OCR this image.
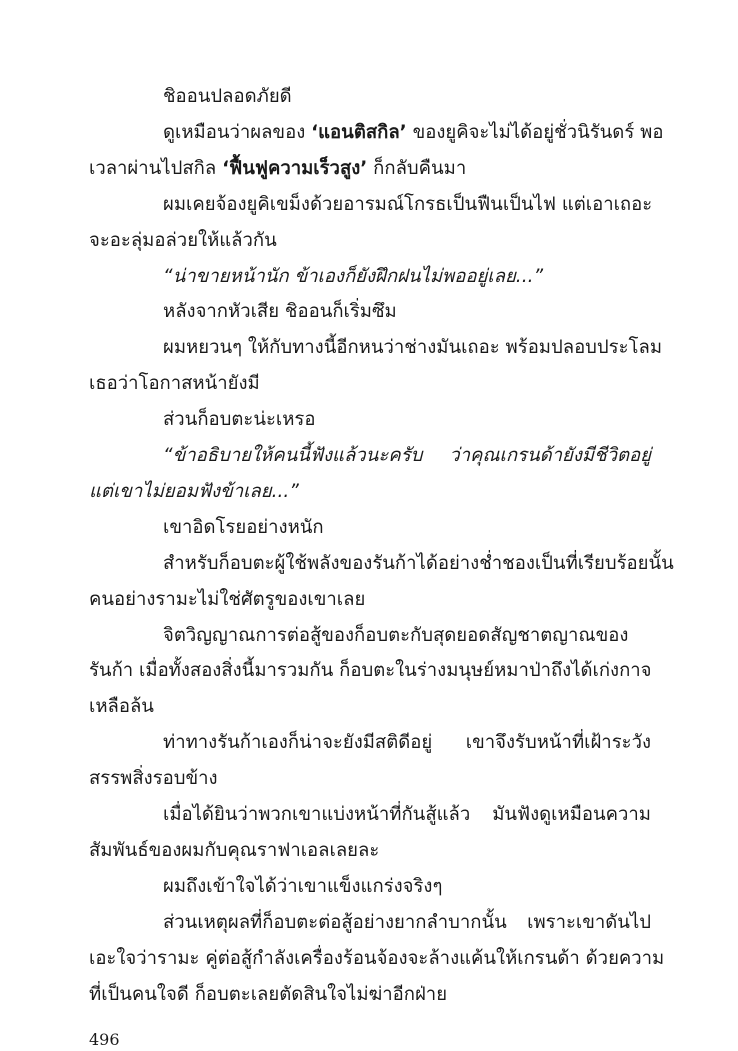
ชิออนปลอดภัยดี
ดูเหมือนว่าผลของ ‘แอนติสกิล’ ของยูคิจะไม่ได้อยู่ชั่วนิรันดร์ พอ
เวลาผ่านไปสกิล ‘ฟื้นฟูความเร็วสูง’ ก็กลับคืนมา
ผมเคยจ้องยูคิเขม็งด้วยอารมณ์โกรธเป็นฟืนเป็นไฟ แต่เอาเถอะ
จะอะลุ่มอล่วยให้แล้วกัน
“น่าขายหน้านัก ข้าเองก็ยังฝึกฝนไม่พออยู่เลย...”
หลังจากหัวเสีย ชิออนก็เริ่มซึม
ผมหยวนๆ ให้กับทางนี้อีกหนว่าช่างมันเถอะ พร้อมปลอบประโลม
เธอว่าโอกาสหน้ายังมี
ส่วนก็อบตะน่ะเหรอ
“ข้าอธิบายให้คนนี้ฟังแล้วนะครับ ว่าคุณเกรนด้ายังมีชีวิตอยู่
แต่เขาไม่ยอมฟังข้าเลย...”
เขาอิดโรยอย่างหนัก
สำหรับก็อบตะผู้ใช้พลังของรันก้าได้อย่างช่ำชองเป็นที่เรียบร้อยนั้น
คนอย่างรามะไม่ใช่ศัตรูของเขาเลย
จิตวิญญาณการต่อสู้ของก็อบตะกับสุดยอดสัญชาตญาณของ
รันก้า เมื่อทั้งสองสิ่งนี้มารวมกัน ก็อบตะในร่างมนุษย์หมาป่าถึงได้เก่งกาจ
เหลือล้น
ท่าทางรันก้าเองก็น่าจะยังมีสติดีอยู่ เขาจึงรับหน้าที่เฝ้าระวัง
สรรพสิ่งรอบข้าง
เมื่อได้ยินว่าพวกเขาแบ่งหน้าที่กันสู้แล้ว มันฟังดูเหมือนความ
สัมพันธ์ของผมกับคุณราฟาเอลเลยละ
ผมถึงเข้าใจได้ว่าเขาแข็งแกร่งจริงๆ
ส่วนเหตุผลที่ก็อบตะต่อสู้อย่างยากลำบากนั้น เพราะเขาดันไป
เอะใจว่ารามะ คู่ต่อสู้กำลังเครื่องร้อนจ้องจะล้างแค้นให้เกรนด้า ด้วยความ
ที่เป็นคนใจดี ก็อบตะเลยตัดสินใจไม่ฆ่าอีกฝ่าย
496
